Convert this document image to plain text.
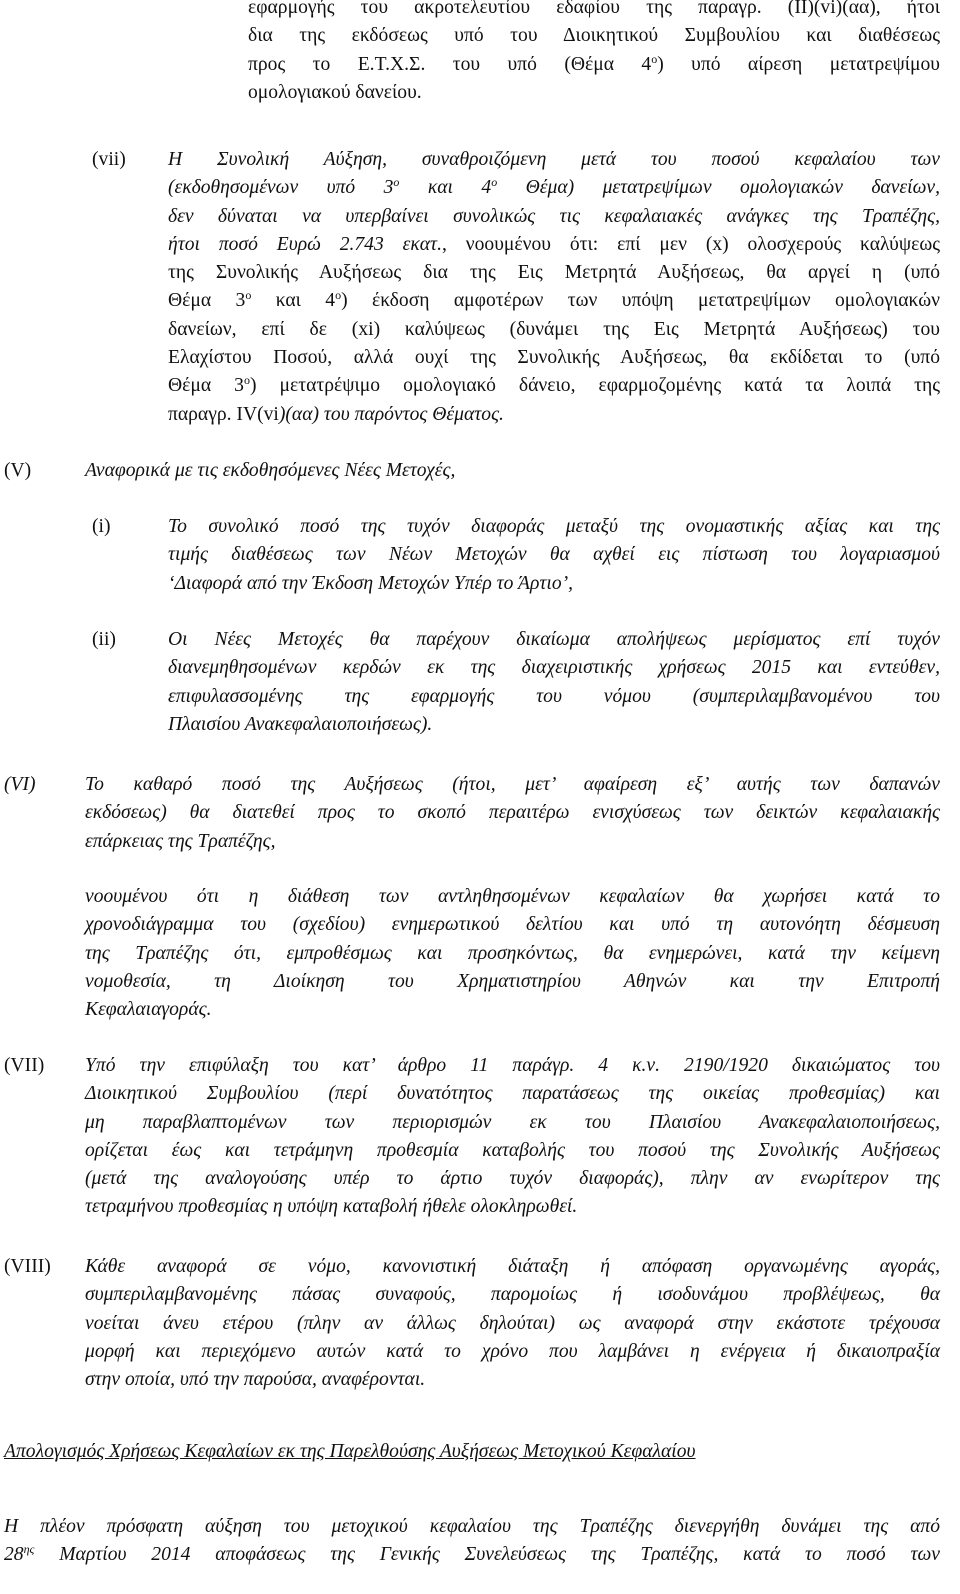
εφαρμογής του ακροτελευτίου εδαφίου της παραγρ. (ΙΙ)(vi)(αα), ήτοι
δια της εκδόσεως υπό του Διοικητικού Συμβουλίου και διαθέσεως
προς το Ε.Τ.Χ.Σ. του υπό (Θέμα $4^o$) υπό αίρεση μετατρεψίμου
ομολογιακού δανείου.
(vii) Η Συνολική Αύξηση, συναθροιζόμενη μετά του ποσού κεφαλαίου των
(εκδοθησομένων υπό $3^o$ και $4^o$ Θέμα) μετατρεψίμων ομολογιακών δανείων,
δεν δύναται να υπερβαίνει συνολικώς τις κεφαλαιακές ανάγκες της Τραπέζης,
ήτοι ποσό Ευρώ 2.743 εκατ., νοουμένου ότι: επί μεν (x) ολοσχερούς καλύψεως
της Συνολικής Αυξήσεως δια της Εις Μετρητά Αυξήσεως, θα αργεί η (υπό
Θέμα $3^o$ και $4^o$) έκδοση αμφοτέρων των υπόψη μετατρεψίμων ομολογιακών
δανείων, επί δε (xi) καλύψεως (δυνάμει της Εις Μετρητά Αυξήσεως) του
Ελαχίστου Ποσού, αλλά ουχί της Συνολικής Αυξήσεως, θα εκδίδεται το (υπό
Θέμα $3^o$) μετατρέψιμο ομολογιακό δάνειο, εφαρμοζομένης κατά τα λοιπά της
παραγρ. IV(vi)(αα) του παρόντος Θέματος.
(V)	Αναφορικά με τις εκδοθησόμενες Νέες Μετοχές,
(i)	Το συνολικό ποσό της τυχόν διαφοράς μεταξύ της ονομαστικής αξίας και της
τιμής διαθέσεως των Νέων Μετοχών θα αχθεί εις πίστωση του λογαριασμού
‘Διαφορά από την Έκδοση Μετοχών Υπέρ το Άρτιο’,
(ii)	Οι Νέες Μετοχές θα παρέχουν δικαίωμα απολήψεως μερίσματος επί τυχόν
διανεμηθησομένων κερδών εκ της διαχειριστικής χρήσεως 2015 και εντεύθεν,
επιφυλασσομένης της εφαρμογής του νόμου (συμπεριλαμβανομένου του
Πλαισίου Ανακεφαλαιοποιήσεως).
(VI)	Το καθαρό ποσό της Αυξήσεως (ήτοι, μετ’ αφαίρεση εξ’ αυτής των δαπανών
εκδόσεως) θα διατεθεί προς το σκοπό περαιτέρω ενισχύσεως των δεικτών κεφαλαιακής
επάρκειας της Τραπέζης,
νοουμένου ότι η διάθεση των αντληθησομένων κεφαλαίων θα χωρήσει κατά το
χρονοδιάγραμμα του (σχεδίου) ενημερωτικού δελτίου και υπό τη αυτονόητη δέσμευση
της Τραπέζης ότι, εμπροθέσμως και προσηκόντως, θα ενημερώνει, κατά την κείμενη
νομοθεσία, τη Διοίκηση του Χρηματιστηρίου Αθηνών και την Επιτροπή
Κεφαλαιαγοράς.
(VΙI) Υπό την επιφύλαξη του κατ’ άρθρο 11 παράγρ. 4 κ.ν. 2190/1920 δικαιώματος του
Διοικητικού Συμβουλίου (περί δυνατότητος παρατάσεως της οικείας προθεσμίας) και
μη παραβλαπτομένων των περιορισμών εκ του Πλαισίου Ανακεφαλαιοποιήσεως,
ορίζεται έως και τετράμηνη προθεσμία καταβολής του ποσού της Συνολικής Αυξήσεως
(μετά της αναλογούσης υπέρ το άρτιο τυχόν διαφοράς), πλην αν ενωρίτερον της
τετραμήνου προθεσμίας η υπόψη καταβολή ήθελε ολοκληρωθεί.
(VIII) Κάθε αναφορά σε νόμο, κανονιστική διάταξη ή απόφαση οργανωμένης αγοράς,
συμπεριλαμβανομένης πάσας συναφούς, παρομοίως ή ισοδυνάμου προβλέψεως, θα
νοείται άνευ ετέρου (πλην αν άλλως δηλούται) ως αναφορά στην εκάστοτε τρέχουσα
μορφή και περιεχόμενο αυτών κατά το χρόνο που λαμβάνει η ενέργεια ή δικαιοπραξία
στην οποία, υπό την παρούσα, αναφέρονται.
Απολογισμός Χρήσεως Κεφαλαίων εκ της Παρελθούσης Αυξήσεως Μετοχικού Κεφαλαίου
Η πλέον πρόσφατη αύξηση του μετοχικού κεφαλαίου της Τραπέζης διενεργήθη δυνάμει της από
$28^{\eta\varsigma}$ Μαρτίου 2014 αποφάσεως της Γενικής Συνελεύσεως της Τραπέζης, κατά το ποσό των
